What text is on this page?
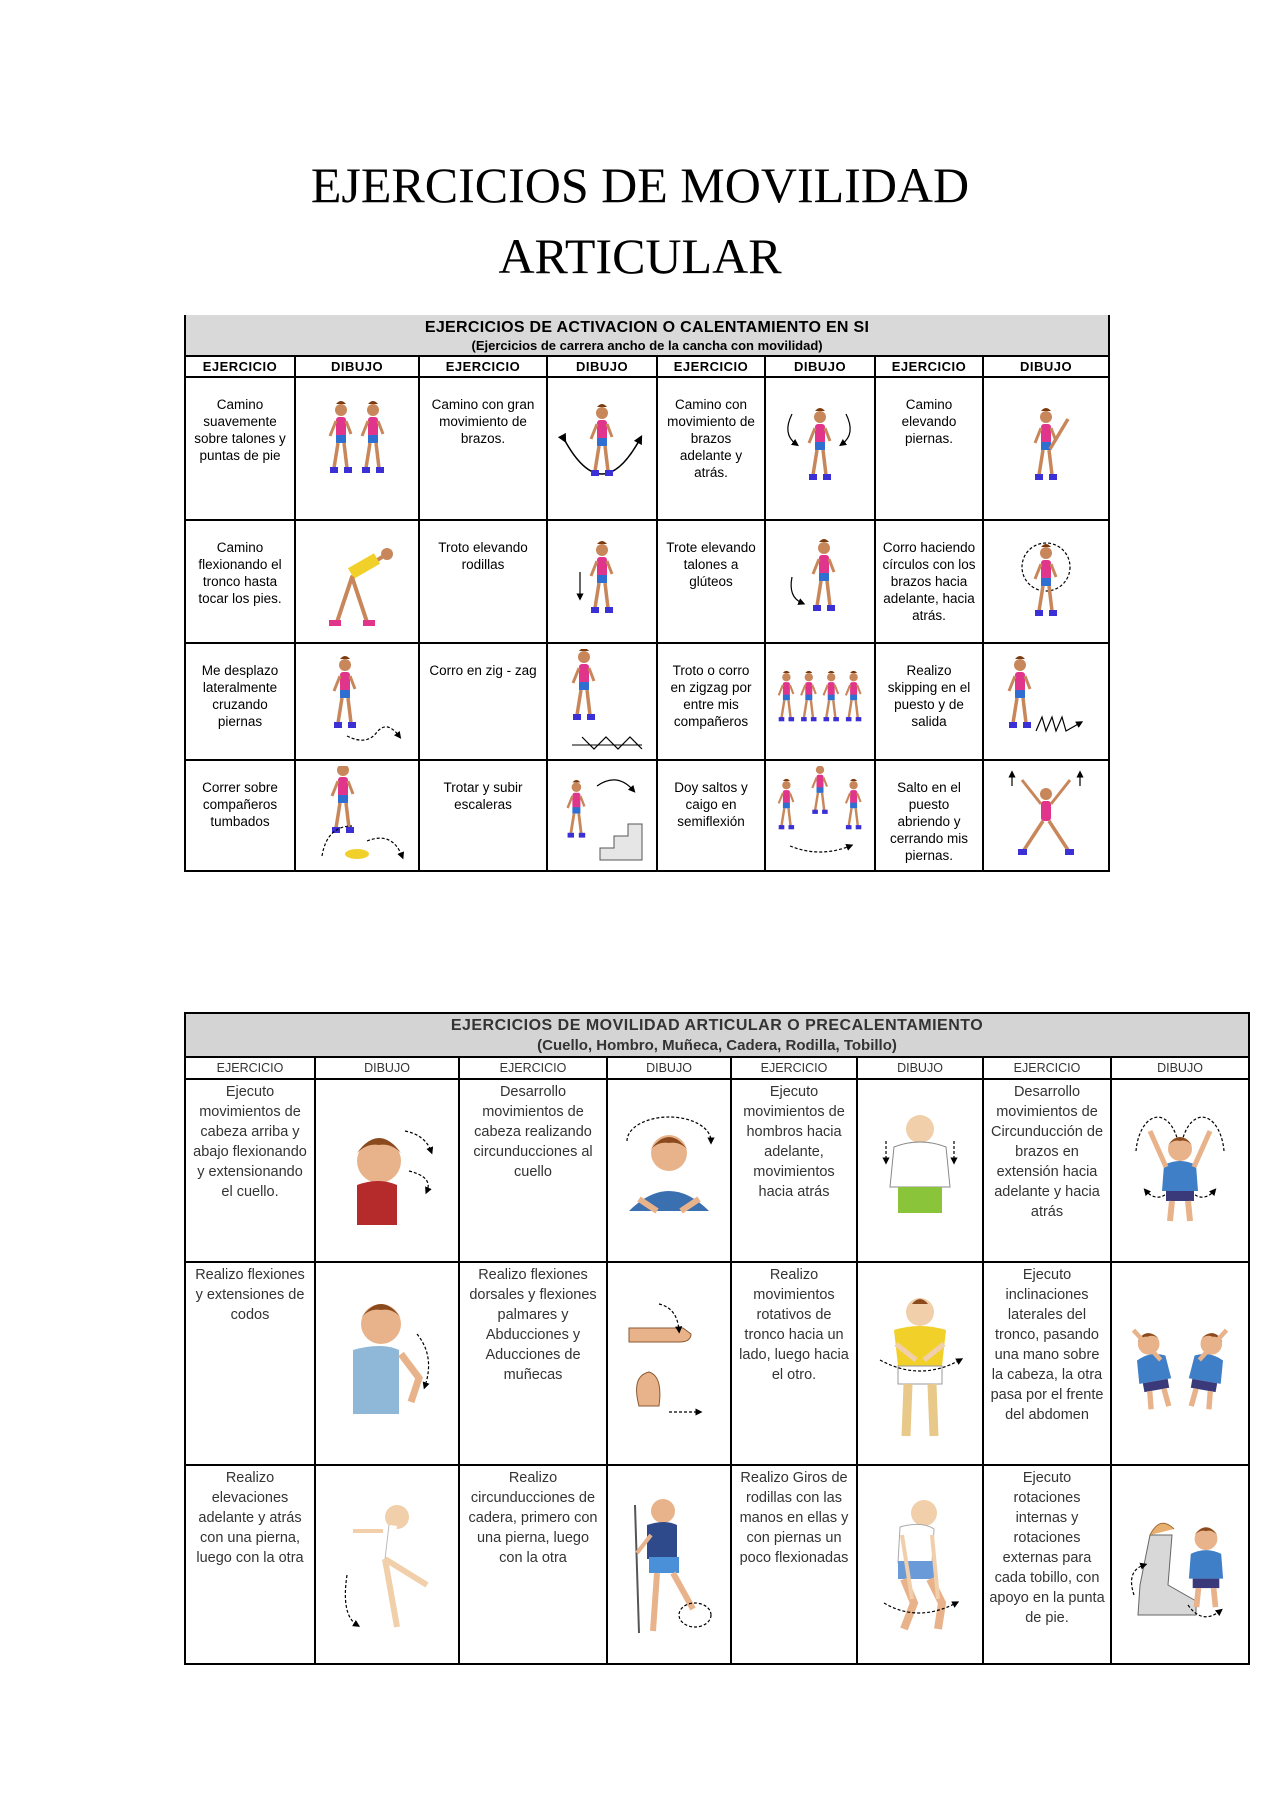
EJERCICIOS DE MOVILIDAD
ARTICULAR
EJERCICIOS DE ACTIVACION O CALENTAMIENTO EN SI
(Ejercicios de carrera ancho de la cancha con movilidad)							

EJERCICIO	DIBUJO	EJERCICIO	DIBUJO	EJERCICIO	DIBUJO	EJERCICIO	DIBUJO
Camino suavemente sobre talones y puntas de pie		Camino con gran movimiento de brazos.		Camino con movimiento de brazos adelante y atrás.		Camino elevando piernas.	

Camino flexionando el tronco hasta tocar los pies.		Troto elevando rodillas		Trote elevando talones a glúteos		Corro haciendo círculos con los brazos hacia adelante, hacia atrás.	

Me desplazo lateralmente cruzando piernas		Corro en zig - zag		Troto o corro en zigzag por entre mis compañeros		Realizo skipping en el puesto y de salida	

Correr sobre compañeros tumbados		Trotar y subir escaleras		Doy saltos y caigo en semiflexión		Salto en el puesto abriendo y cerrando mis piernas.	
EJERCICIOS DE MOVILIDAD ARTICULAR O PRECALENTAMIENTO
(Cuello, Hombro, Muñeca, Cadera, Rodilla, Tobillo)							

EJERCICIO	DIBUJO	EJERCICIO	DIBUJO	EJERCICIO	DIBUJO	EJERCICIO	DIBUJO
Ejecuto movimientos de cabeza arriba y abajo flexionando y extensionando el cuello.		Desarrollo movimientos de cabeza realizando circunducciones al cuello		Ejecuto movimientos de hombros hacia adelante, movimientos hacia atrás		Desarrollo movimientos de Circunducción de brazos en extensión hacia adelante y hacia atrás	

Realizo flexiones y extensiones de codos		Realizo flexiones dorsales y flexiones palmares y Abducciones y Aducciones de muñecas		Realizo movimientos rotativos de tronco hacia un lado, luego hacia el otro.		Ejecuto inclinaciones laterales del tronco, pasando una mano sobre la cabeza, la otra pasa por el frente del abdomen	

Realizo elevaciones adelante y atrás con una pierna, luego con la otra		Realizo circunducciones de cadera, primero con una pierna, luego con la otra		Realizo Giros de rodillas con las manos en ellas y con piernas un poco flexionadas		Ejecuto rotaciones internas y rotaciones externas para cada tobillo, con apoyo en la punta de pie.	
